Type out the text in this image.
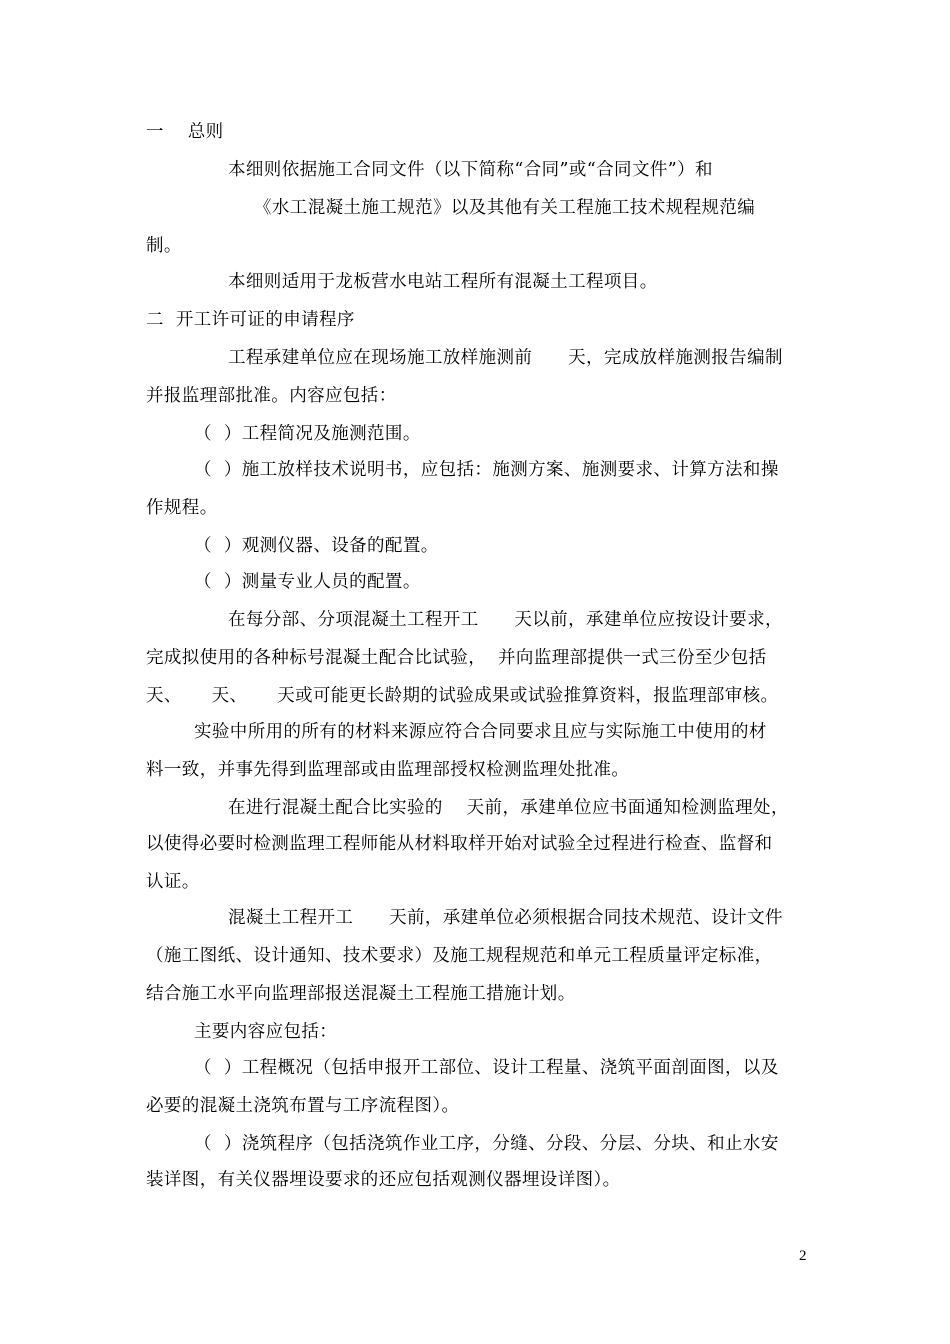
一    总则
本细则依据施工合同文件（以下简称“合同”或“合同文件”）和
《水工混凝土施工规范》以及其他有关工程施工技术规程规范编
制。
本细则适用于龙板营水电站工程所有混凝土工程项目。
二  开工许可证的申请程序
工程承建单位应在现场施工放样施测前      天，完成放样施测报告编制
并报监理部批准。内容应包括：
（  ）工程简况及施测范围。
（  ）施工放样技术说明书，应包括：施测方案、施测要求、计算方法和操
作规程。
（  ）观测仪器、设备的配置。
（  ）测量专业人员的配置。
在每分部、分项混凝土工程开工      天以前，承建单位应按设计要求，
完成拟使用的各种标号混凝土配合比试验，  并向监理部提供一式三份至少包括
天、     天、     天或可能更长龄期的试验成果或试验推算资料，报监理部审核。
实验中所用的所有的材料来源应符合合同要求且应与实际施工中使用的材
料一致，并事先得到监理部或由监理部授权检测监理处批准。
在进行混凝土配合比实验的    天前，承建单位应书面通知检测监理处，
以使得必要时检测监理工程师能从材料取样开始对试验全过程进行检查、监督和
认证。
混凝土工程开工      天前，承建单位必须根据合同技术规范、设计文件
（施工图纸、设计通知、技术要求）及施工规程规范和单元工程质量评定标准，
结合施工水平向监理部报送混凝土工程施工措施计划。
主要内容应包括：
（  ）工程概况（包括申报开工部位、设计工程量、浇筑平面剖面图，以及
必要的混凝土浇筑布置与工序流程图）。
（  ）浇筑程序（包括浇筑作业工序，分缝、分段、分层、分块、和止水安
装详图，有关仪器埋设要求的还应包括观测仪器埋设详图）。
2
